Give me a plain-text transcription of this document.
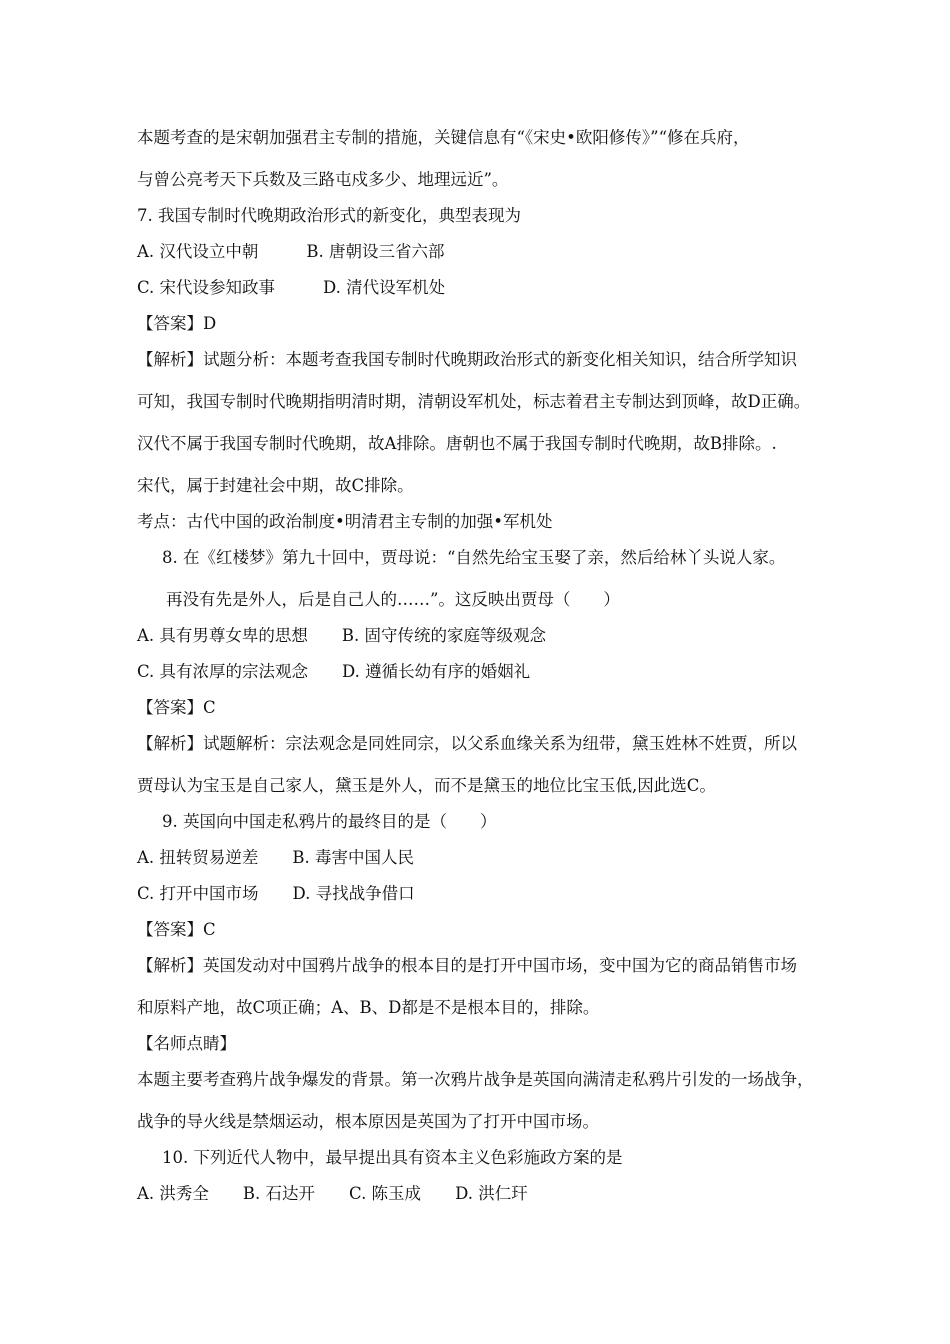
本题考查的是宋朝加强君主专制的措施，关键信息有“《宋史•欧阳修传》”“修在兵府，
与曾公亮考天下兵数及三路屯戍多少、地理远近”。
7. 我国专制时代晚期政治形式的新变化，典型表现为
A. 汉代设立中朝	B. 唐朝设三省六部
C. 宋代设参知政事	D. 清代设军机处
【答案】D
【解析】试题分析：本题考查我国专制时代晚期政治形式的新变化相关知识，结合所学知识
可知，我国专制时代晚期指明清时期，清朝设军机处，标志着君主专制达到顶峰，故D正确。
汉代不属于我国专制时代晚期，故A排除。唐朝也不属于我国专制时代晚期，故B排除。.
宋代，属于封建社会中期，故C排除。
考点：古代中国的政治制度•明清君主专制的加强•军机处
8. 在《红楼梦》第九十回中，贾母说：“自然先给宝玉娶了亲，然后给林丫头说人家。
再没有先是外人，后是自己人的……”。这反映出贾母（　　）
A. 具有男尊女卑的思想 B. 固守传统的家庭等级观念
C. 具有浓厚的宗法观念 D. 遵循长幼有序的婚姻礼
【答案】C
【解析】试题解析：宗法观念是同姓同宗，以父系血缘关系为纽带，黛玉姓林不姓贾，所以
贾母认为宝玉是自己家人，黛玉是外人，而不是黛玉的地位比宝玉低,因此选C。
9. 英国向中国走私鸦片的最终目的是（　　）
A. 扭转贸易逆差 B. 毒害中国人民
C. 打开中国市场 D. 寻找战争借口
【答案】C
【解析】英国发动对中国鸦片战争的根本目的是打开中国市场，变中国为它的商品销售市场
和原料产地，故C项正确；A、B、D都是不是根本目的，排除。
【名师点睛】
本题主要考查鸦片战争爆发的背景。第一次鸦片战争是英国向满清走私鸦片引发的一场战争，
战争的导火线是禁烟运动，根本原因是英国为了打开中国市场。
10. 下列近代人物中，最早提出具有资本主义色彩施政方案的是
A. 洪秀全 B. 石达开 C. 陈玉成 D. 洪仁玕
